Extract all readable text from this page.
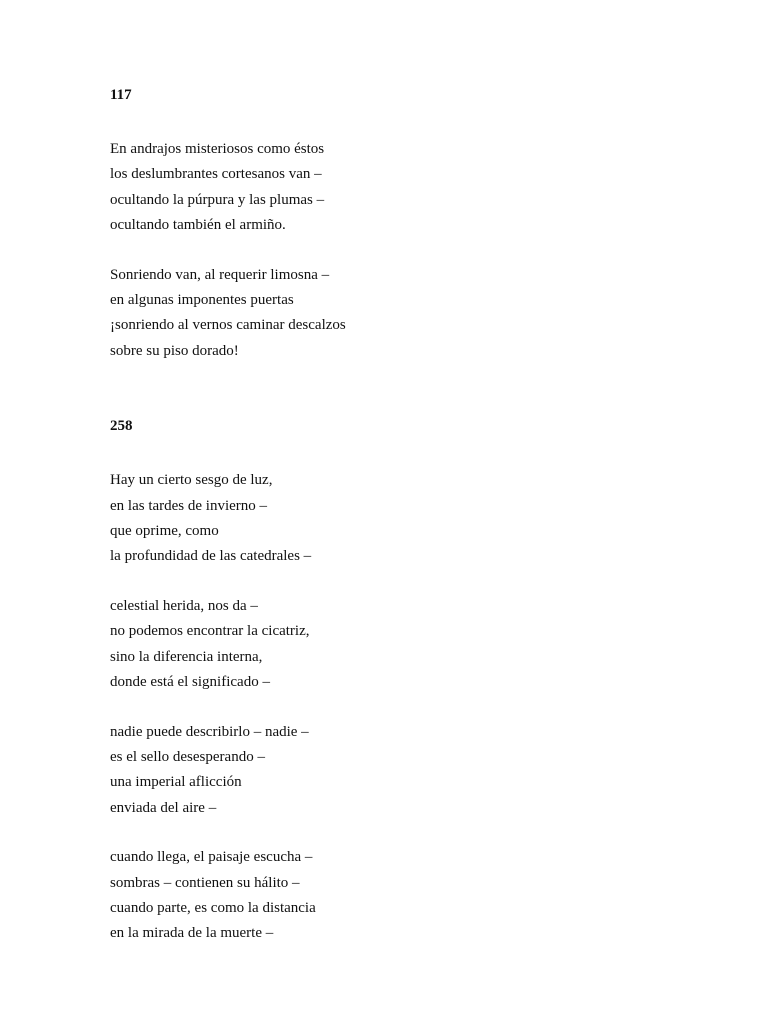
117

En andrajos misteriosos como éstos
los deslumbrantes cortesanos van –
ocultando la púrpura y las plumas –
ocultando también el armiño.
Sonriendo van, al requerir limosna –
en algunas imponentes puertas
¡sonriendo al vernos caminar descalzos
sobre su piso dorado!

258

Hay un cierto sesgo de luz,
en las tardes de invierno –
que oprime, como
la profundidad de las catedrales –
celestial herida, nos da –
no podemos encontrar la cicatriz,
sino la diferencia interna,
donde está el significado –
nadie puede describirlo – nadie –
es el sello desesperando –
una imperial aflicción
enviada del aire –
cuando llega, el paisaje escucha –
sombras – contienen su hálito –
cuando parte, es como la distancia
en la mirada de la muerte –
